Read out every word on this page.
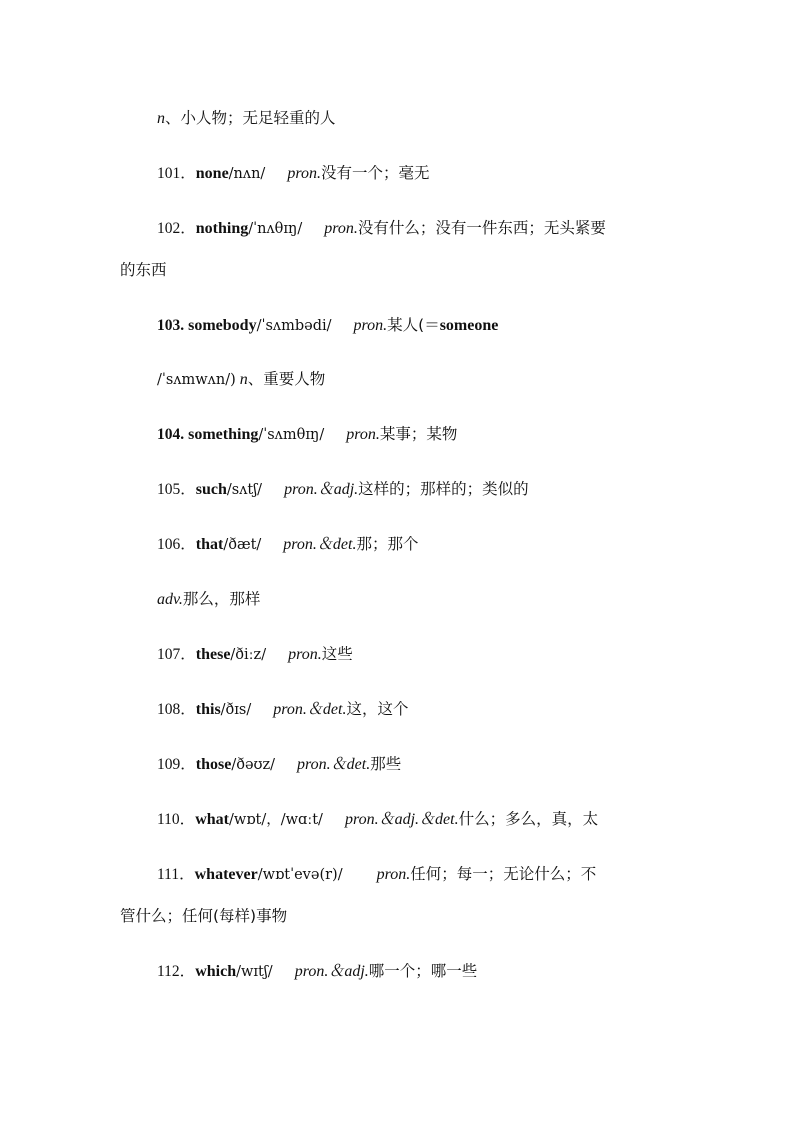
n、小人物；无足轻重的人
101．none/nʌn/ pron.没有一个；毫无
102．nothing/ˈnʌθɪŋ/ pron.没有什么；没有一件东西；无头紧要
的东西
103. somebody/ˈsʌmbədi/ pron.某人(＝someone
/ˈsʌmwʌn/) n、重要人物
104. something/ˈsʌmθɪŋ/ pron.某事；某物
105．such/sʌtʃ/ pron.＆adj.这样的；那样的；类似的
106．that/ðæt/ pron.＆det.那；那个
adv.那么，那样
107．these/ðiːz/ pron.这些
108．this/ðɪs/ pron.＆det.这，这个
109．those/ðəʊz/ pron.＆det.那些
110．what/wɒt/，/wɑːt/ pron.＆adj.＆det.什么；多么，真，太
111．whatever/wɒtˈevə(r)/ pron.任何；每一；无论什么；不
管什么；任何(每样)事物
112．which/wɪtʃ/ pron.＆adj.哪一个；哪一些
